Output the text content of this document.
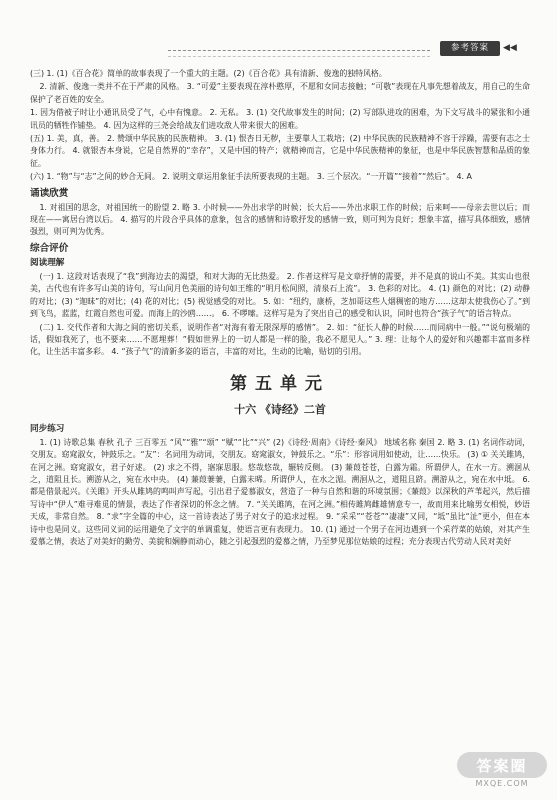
参考答案	◀◀

(三) 1. (1)《百合花》简单的故事表现了一个重大的主题。(2)《百合花》具有清新、俊逸的独特风格。

2. 清新、俊逸一类并不在于严肃的风格。 3. “可爱”主要表现在淳朴憨厚，不愿和女同志接触；“可敬”表现在凡事先想着战友，用自己的生命保护了老百姓的安全。

1. 因为借被子时让小通讯员受了气，心中有愧意。 2. 无私。 3. (1) 交代故事发生的时间；(2) 写部队进攻的困难，为下文写战斗的紧张和小通讯员的牺牲作铺垫。 4. 因为这样的三尧会给战友们进攻敌人带来很大的困难。

(五) 1. 美，真，善。 2. 赞颂中华民族的民族精神。 3. (1) 恨杏日无秽，主要靠人工栽培；(2) 中华民族的民族精神不容于浮躁，需要有志之士身体力行。 4. 就银杏本身说，它是自然界的“幸存”，又是中国的特产；就精神而言，它是中华民族精神的象征，也是中华民族智慧和品质的象征。

(六) 1. “物”与“志”之间的妙合无间。 2. 说明文章运用象征手法所要表现的主题。 3. 三个层次。“一开篇”“接着”“然后”。 4. A

诵读欣赏

1. 对祖国的思念，对祖国统一的盼望 2. 略 3. 小时候——外出求学的时候；长大后——外出求职工作的时候；后来呵——母亲去世以后；而现在——寓居台湾以后。 4. 描写的片段合乎具体的意象，包含的感情和诗歌抒发的感情一致，则可判为良好；想象丰富，描写具体细致，感情强烈，则可判为优秀。

综合评价
阅读理解

(一) 1. 这段对话表现了“我”到海边去的渴望，和对大海的无比热爱。 2. 作者这样写是文章抒情的需要，并不是真的说山不美。其实山也很美，古代也有许多写山美的诗句，写山间月色美丽的诗句如王维的“明月松间照，清泉石上流”。 3. 色彩的对比。 4. (1) 颜色的对比；(2) 动静的对比；(3) “迦昧”的对比；(4) 花的对比；(5) 视觉感受的对比。 5. 如：“纽约，康桥，芝加哥这些人烟稠密的地方……这却太使我伤心了。”到到飞鸟，蓝蓝，红霞自然也可爱。而海上的沙鸥……。 6. 不啰嗦。这样写是为了突出自己的感受和认识，同时也符合“孩子气”的语言特点。

(二) 1. 交代作者和大海之间的密切关系，说明作者“对海有着无限深厚的感情”。 2. 如：“征长人静的时候……而同病中一般。”“说句极端的话，假如我死了，也不要来……不愿埋葬！”假如世界上的一切人都是一样的脸，我必不愿见人。” 3. 理：让每个人的爱好和兴趣都丰富而多样化，让生活丰富多彩。 4. “孩子气”的清新多姿的语言，丰富的对比，生动的比喻，贴切的引用。

第五单元
十六 《诗经》二首
同步练习

1. (1) 诗歌总集 春秋 孔子 三百零五 “风”“雅”“颂” “赋”“比”“兴” (2)《诗经·周南》《诗经·秦风》 地域名称 秦国 2. 略 3. (1) 名词作动词，交朋友。窈窕淑女，钟鼓乐之。“友”：名词用为动词，交朋友。窈窕淑女，钟鼓乐之。“乐”：形容词用如使动，让……快乐。 (3) ① 关关雎鸠，在河之洲。窈窕淑女，君子好逑。 (2) 求之不得，寤寐思服。悠哉悠哉，辗转反侧。 (3) 蒹葭苍苍，白露为霜。所谓伊人，在水一方。溯洄从之，道阻且长。溯游从之，宛在水中央。 (4) 蒹葭萋萋，白露未晞。所谓伊人，在水之湄。溯洄从之，道阻且跻。溯游从之，宛在水中坻。 6. 都是借景起兴。《关雎》开头从雎鸠的鸣叫声写起，引出君子爱慕淑女，营造了一种与自然和谐的环境氛围；《蒹葭》以深秋的芦苇起兴，然后描写诗中“伊人”难寻难觅的情景，表达了作者深切的怀念之情。 7. “关关雎鸠，在河之洲。”相传雎鸠雌雄情意专一，故而用来比喻男女相悦，妙语天成，非常自然。 8. “求”字全篇的中心，这一首诗表达了男子对女子的追求过程。 9. “采采”“苍苍”“凄凄”又同，“坻”虽比“沚”更小，但在本诗中也是同义。这些同义词的运用避免了文字的单调重复，使语言更有表现力。 10. (1) 通过一个男子在河边遇到一个采荇菜的姑娘，对其产生爱慕之情，表达了对美好的勤劳、美貌和娴静而动心，随之引起强烈的爱慕之情，乃至梦见那位姑娘的过程；充分表现古代劳动人民对美好

答案圈
MXQE.COM
